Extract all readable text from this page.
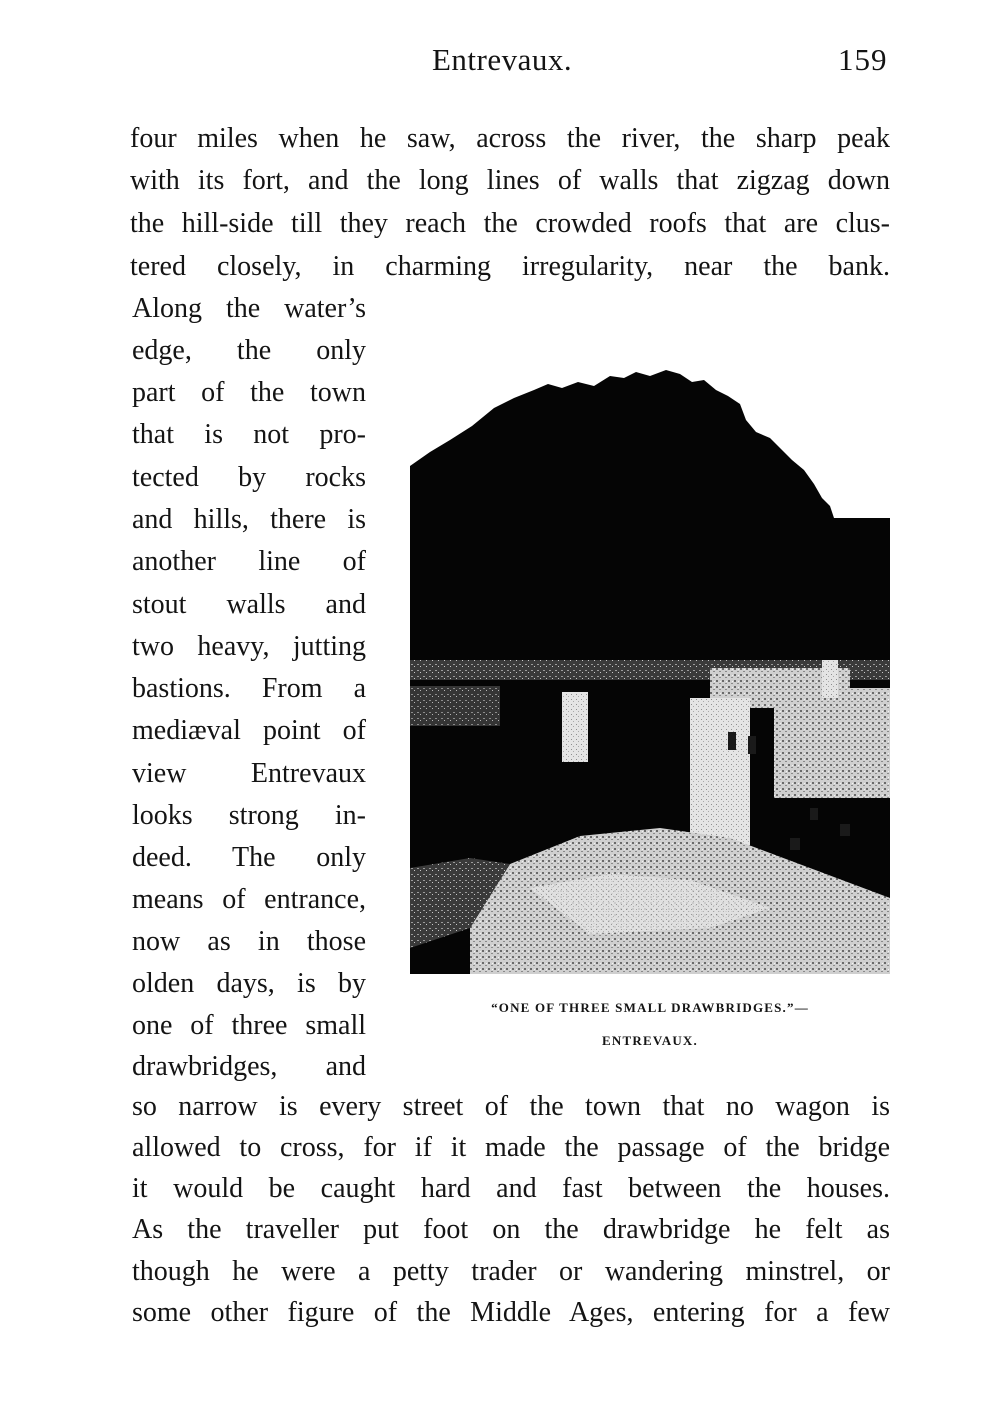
Entrevaux.	159
four miles when he saw, across the river, the sharp peak
with its fort, and the long lines of walls that zigzag down
the hill-side till they reach the crowded roofs that are clus-
tered closely, in charming irregularity, near the bank.
Along the water’s
edge, the only
part of the town
that is not pro-
tected by rocks
and hills, there is
another line of
stout walls and
two heavy, jutting
bastions. From a
mediæval point of
view Entrevaux
looks strong in-
deed. The only
means of entrance,
now as in those
olden days, is by
one of three small
drawbridges, and
“ONE OF THREE SMALL DRAWBRIDGES.”—
ENTREVAUX.
so narrow is every street of the town that no wagon is
allowed to cross, for if it made the passage of the bridge
it would be caught hard and fast between the houses.
As the traveller put foot on the drawbridge he felt as
though he were a petty trader or wandering minstrel, or
some other figure of the Middle Ages, entering for a few
